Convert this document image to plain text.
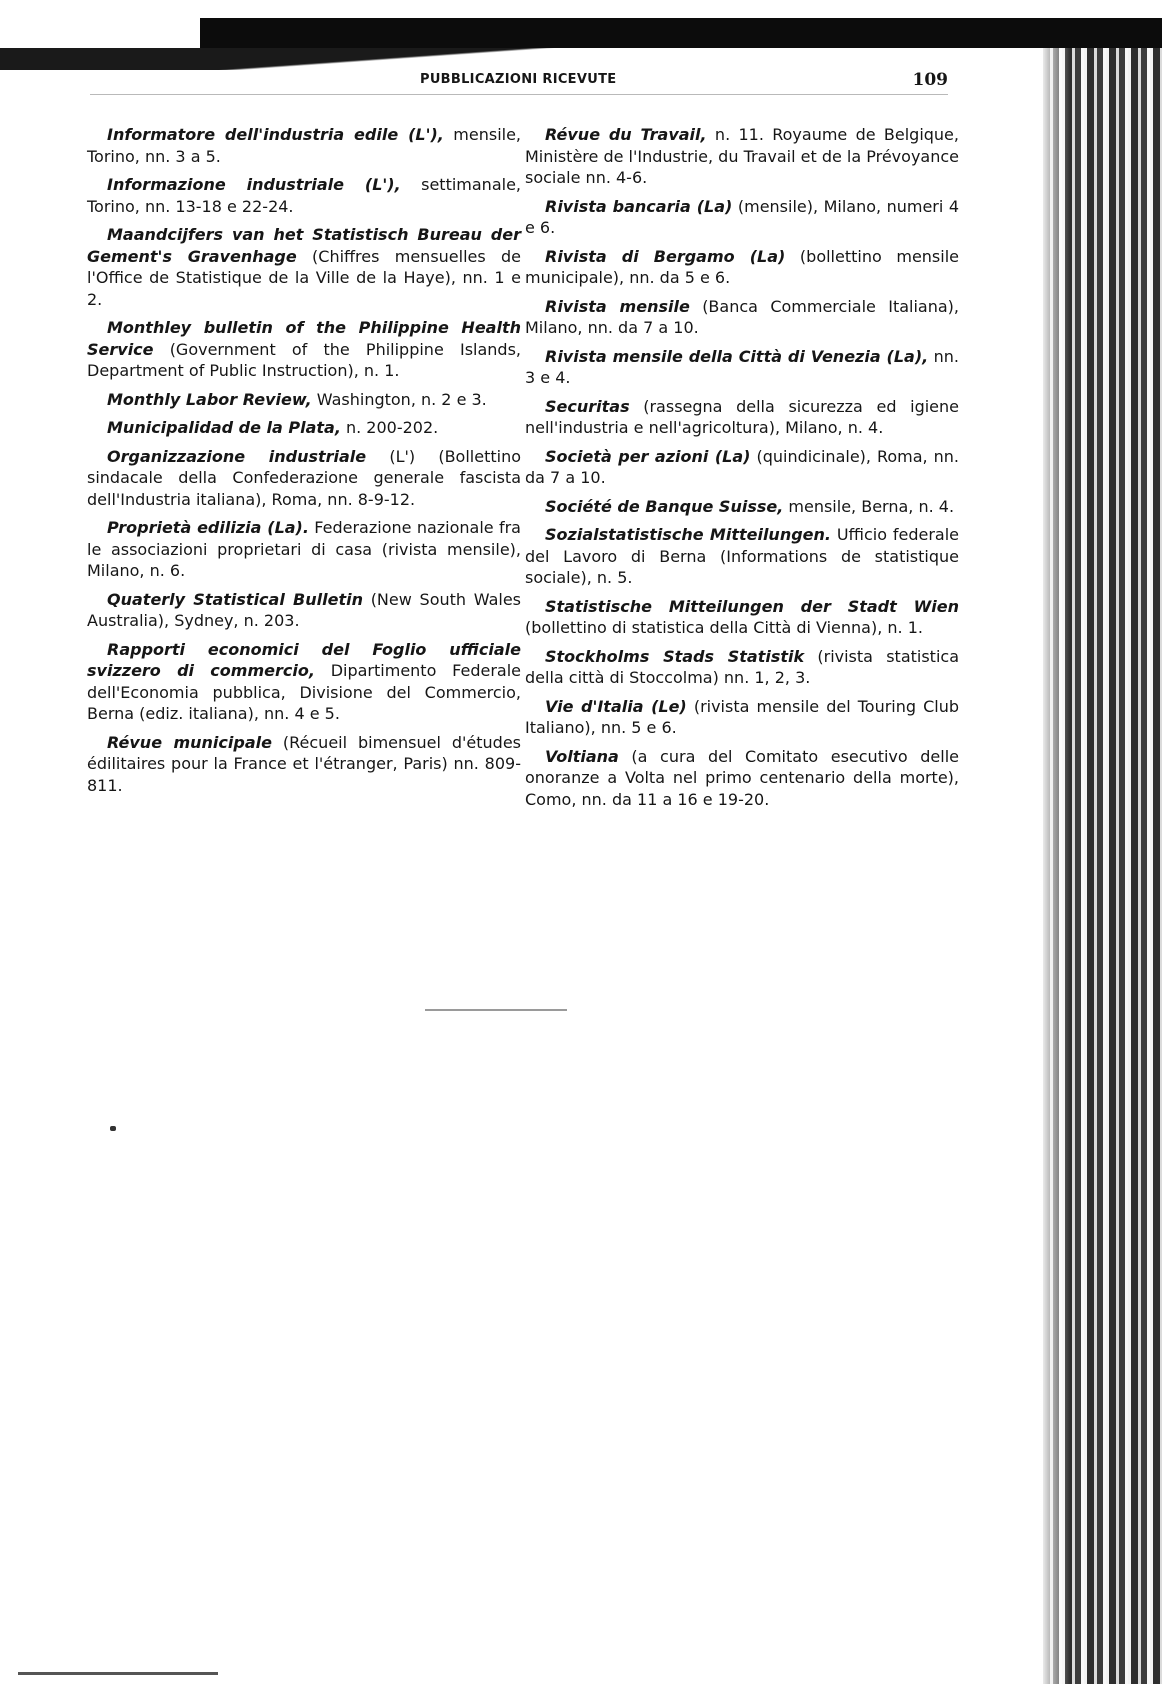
PUBBLICAZIONI RICEVUTE	109

Informatore dell'industria edile (L'), mensile, Torino, nn. 3 a 5.

Informazione industriale (L'), settimanale, Torino, nn. 13-18 e 22-24.

Maandcijfers van het Statistisch Bureau der Gement's Gravenhage (Chiffres mensuelles de l'Office de Statistique de la Ville de la Haye), nn. 1 e 2.

Monthley bulletin of the Philippine Health Service (Government of the Philippine Islands, Department of Public Instruction), n. 1.

Monthly Labor Review, Washington, n. 2 e 3.

Municipalidad de la Plata, n. 200-202.

Organizzazione industriale (L') (Bollettino sindacale della Confederazione generale fascista dell'Industria italiana), Roma, nn. 8-9-12.

Proprietà edilizia (La). Federazione nazionale fra le associazioni proprietari di casa (rivista mensile), Milano, n. 6.

Quaterly Statistical Bulletin (New South Wales Australia), Sydney, n. 203.

Rapporti economici del Foglio ufficiale svizzero di commercio, Dipartimento Federale dell'Economia pubblica, Divisione del Commercio, Berna (ediz. italiana), nn. 4 e 5.

Révue municipale (Récueil bimensuel d'études édilitaires pour la France et l'étranger, Paris) nn. 809-811.

Révue du Travail, n. 11. Royaume de Belgique, Ministère de l'Industrie, du Travail et de la Prévoyance sociale nn. 4-6.

Rivista bancaria (La) (mensile), Milano, numeri 4 e 6.

Rivista di Bergamo (La) (bollettino mensile municipale), nn. da 5 e 6.

Rivista mensile (Banca Commerciale Italiana), Milano, nn. da 7 a 10.

Rivista mensile della Città di Venezia (La), nn. 3 e 4.

Securitas (rassegna della sicurezza ed igiene nell'industria e nell'agricoltura), Milano, n. 4.

Società per azioni (La) (quindicinale), Roma, nn. da 7 a 10.

Société de Banque Suisse, mensile, Berna, n. 4.

Sozialstatistische Mitteilungen. Ufficio federale del Lavoro di Berna (Informations de statistique sociale), n. 5.

Statistische Mitteilungen der Stadt Wien (bollettino di statistica della Città di Vienna), n. 1.

Stockholms Stads Statistik (rivista statistica della città di Stoccolma) nn. 1, 2, 3.

Vie d'Italia (Le) (rivista mensile del Touring Club Italiano), nn. 5 e 6.

Voltiana (a cura del Comitato esecutivo delle onoranze a Volta nel primo centenario della morte), Como, nn. da 11 a 16 e 19-20.
